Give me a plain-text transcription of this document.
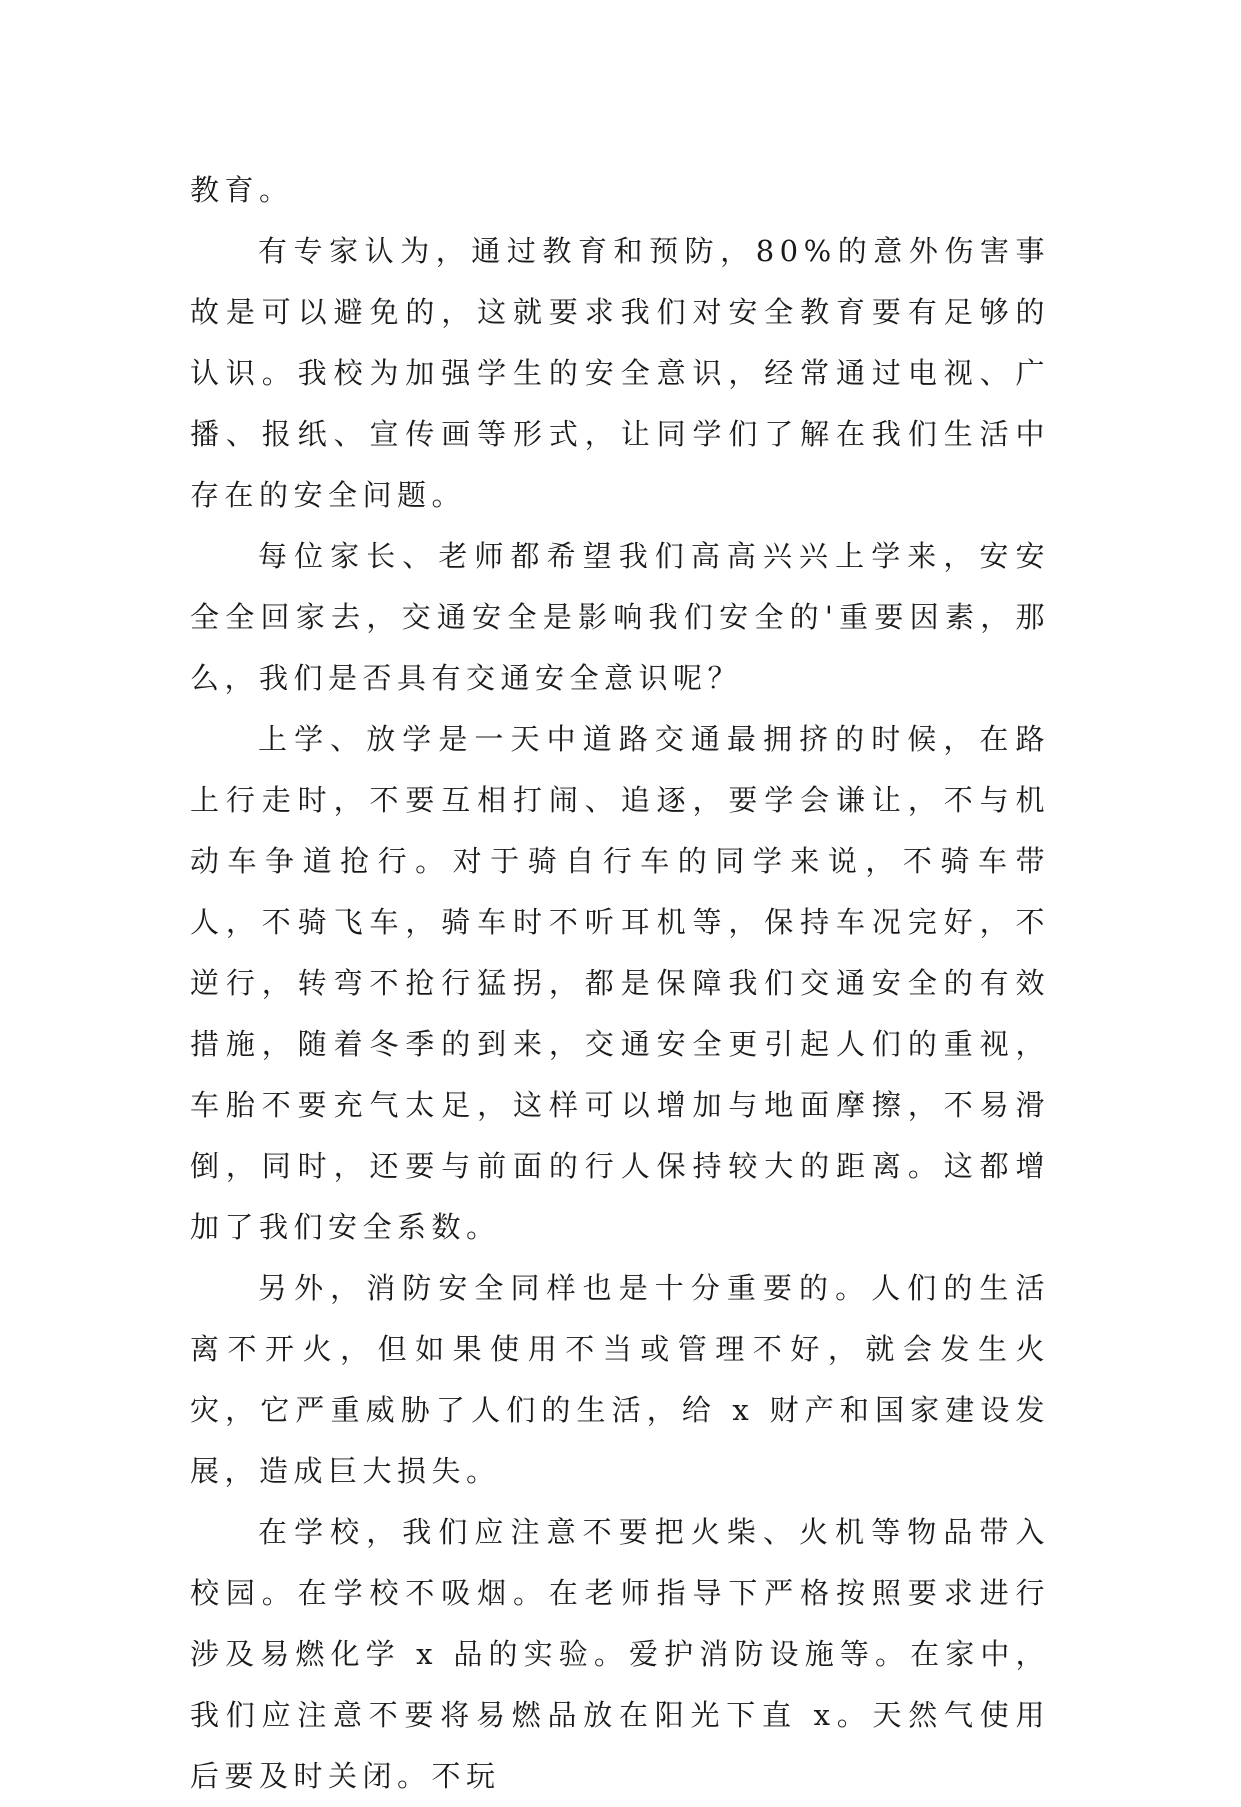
教育。

有专家认为，通过教育和预防，80%的意外伤害事故是可以避免的，这就要求我们对安全教育要有足够的认识。我校为加强学生的安全意识，经常通过电视、广播、报纸、宣传画等形式，让同学们了解在我们生活中存在的安全问题。

每位家长、老师都希望我们高高兴兴上学来，安安全全回家去，交通安全是影响我们安全的'重要因素，那么，我们是否具有交通安全意识呢？

上学、放学是一天中道路交通最拥挤的时候，在路上行走时，不要互相打闹、追逐，要学会谦让，不与机动车争道抢行。对于骑自行车的同学来说，不骑车带人，不骑飞车，骑车时不听耳机等，保持车况完好，不逆行，转弯不抢行猛拐，都是保障我们交通安全的有效措施，随着冬季的到来，交通安全更引起人们的重视，车胎不要充气太足，这样可以增加与地面摩擦，不易滑倒，同时，还要与前面的行人保持较大的距离。这都增加了我们安全系数。

另外，消防安全同样也是十分重要的。人们的生活离不开火，但如果使用不当或管理不好，就会发生火灾，它严重威胁了人们的生活，给 x 财产和国家建设发展，造成巨大损失。

在学校，我们应注意不要把火柴、火机等物品带入校园。在学校不吸烟。在老师指导下严格按照要求进行涉及易燃化学 x 品的实验。爱护消防设施等。在家中，我们应注意不要将易燃品放在阳光下直 x。天然气使用后要及时关闭。不玩
